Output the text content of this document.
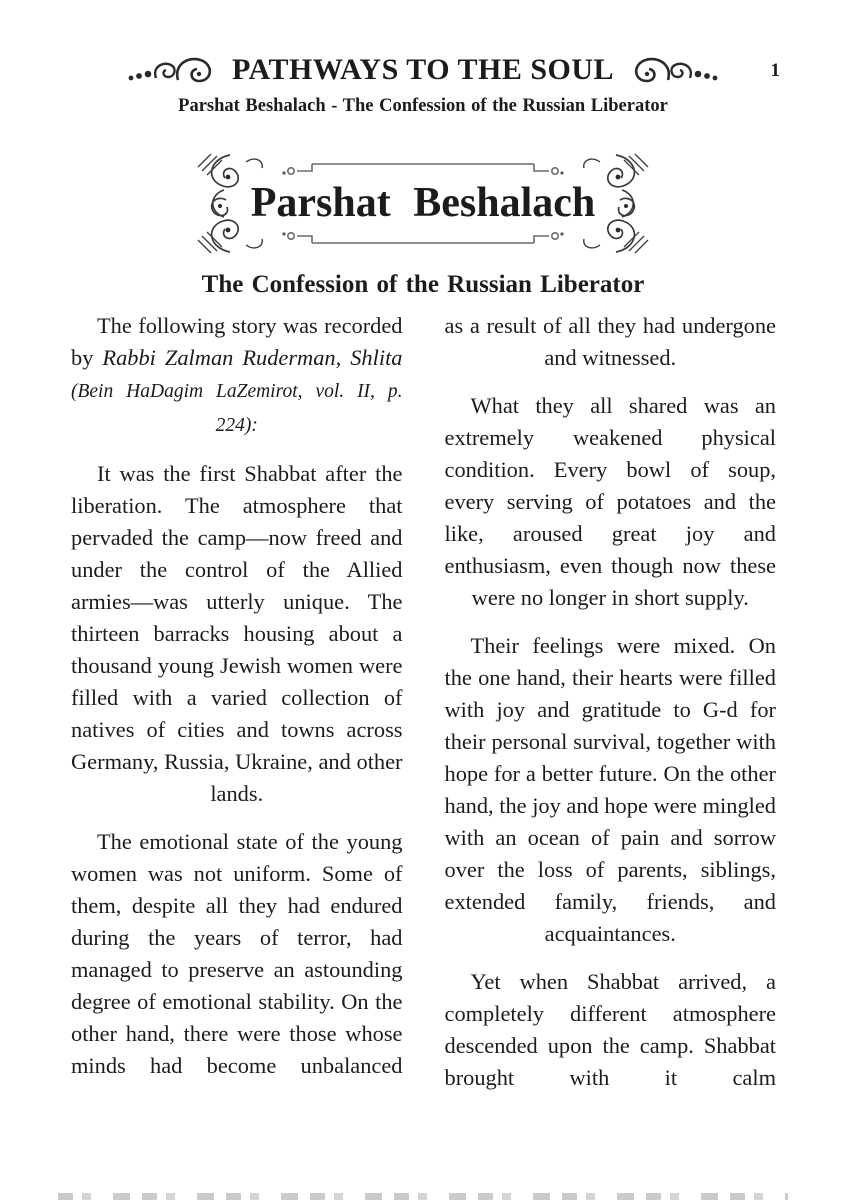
PATHWAYS TO THE SOUL	1
Parshat Beshalach - The Confession of the Russian Liberator
Parshat Beshalach
The Confession of the Russian Liberator

The following story was recorded by Rabbi Zalman Ruderman, Shlita (Bein HaDagim LaZemirot, vol. II, p. 224):

It was the first Shabbat after the liberation. The atmosphere that pervaded the camp—now freed and under the control of the Allied armies—was utterly unique. The thirteen barracks housing about a thousand young Jewish women were filled with a varied collection of natives of cities and towns across Germany, Russia, Ukraine, and other lands.

The emotional state of the young women was not uniform. Some of them, despite all they had endured during the years of terror, had managed to preserve an astounding degree of emotional stability. On the other hand, there were those whose minds had become unbalanced

as a result of all they had undergone and witnessed.

What they all shared was an extremely weakened physical condition. Every bowl of soup, every serving of potatoes and the like, aroused great joy and enthusiasm, even though now these were no longer in short supply.

Their feelings were mixed. On the one hand, their hearts were filled with joy and gratitude to G-d for their personal survival, together with hope for a better future. On the other hand, the joy and hope were mingled with an ocean of pain and sorrow over the loss of parents, siblings, extended family, friends, and acquaintances.

Yet when Shabbat arrived, a completely different atmosphere descended upon the camp. Shabbat brought with it calm
